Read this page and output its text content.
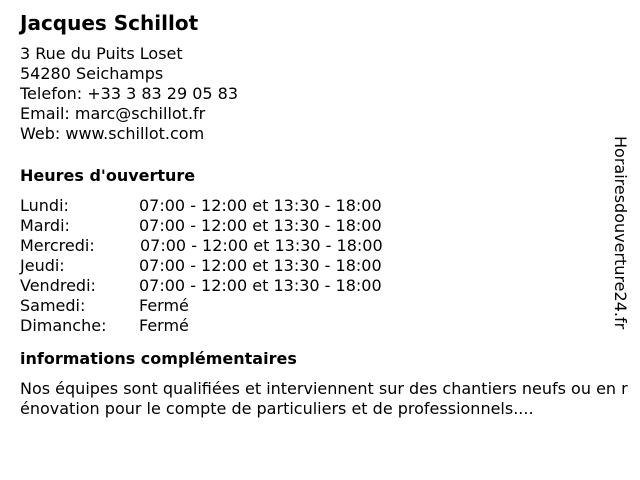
Jacques Schillot
3 Rue du Puits Loset
54280 Seichamps
Telefon: +33 3 83 29 05 83
Email: marc@schillot.fr
Web: www.schillot.com
Heures d'ouverture
Lundi:	07:00 - 12:00 et 13:30 - 18:00
Mardi:	07:00 - 12:00 et 13:30 - 18:00
Mercredi:	07:00 - 12:00 et 13:30 - 18:00
Jeudi:	07:00 - 12:00 et 13:30 - 18:00
Vendredi:	07:00 - 12:00 et 13:30 - 18:00
Samedi:	Fermé
Dimanche:	Fermé
informations complémentaires
Nos équipes sont qualifiées et interviennent sur des chantiers neufs ou en rénovation pour le compte de particuliers et de professionnels....
Horairesdouverture24.fr
